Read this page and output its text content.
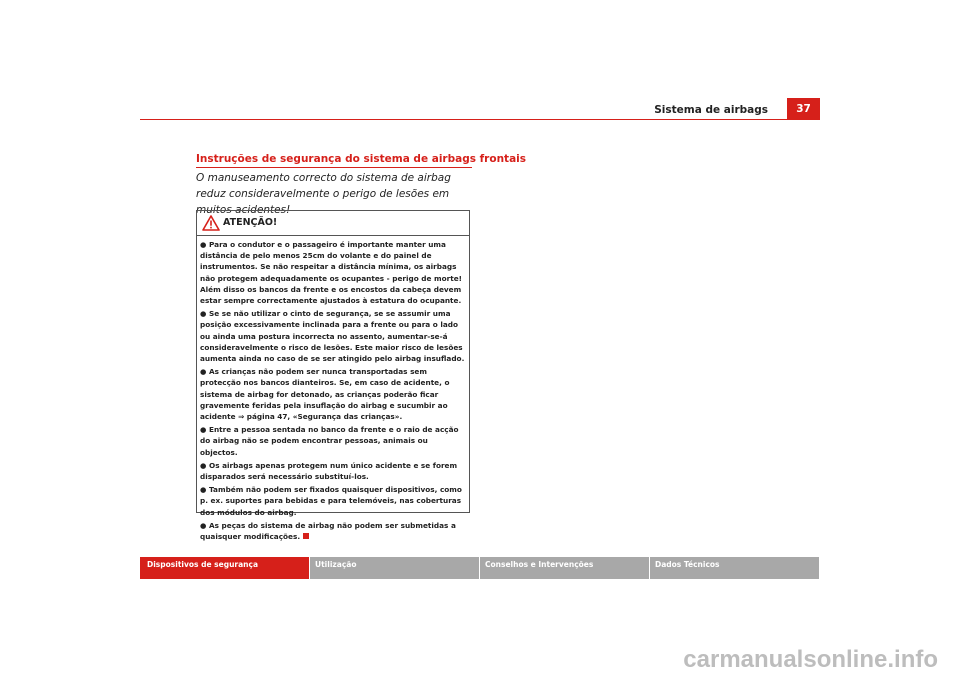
Sistema de airbags	37
Instruções de segurança do sistema de airbags frontais
O manuseamento correcto do sistema de airbag reduz consideravelmente o perigo de lesões em muitos acidentes!
ATENÇÃO!

● Para o condutor e o passageiro é importante manter uma distância de pelo menos 25cm do volante e do painel de instrumentos. Se não respeitar a distância mínima, os airbags não protegem adequadamente os ocupantes - perigo de morte! Além disso os bancos da frente e os encostos da cabeça devem estar sempre correctamente ajustados à estatura do ocupante.

● Se se não utilizar o cinto de segurança, se se assumir uma posição excessivamente inclinada para a frente ou para o lado ou ainda uma postura incorrecta no assento, aumentar-se-á consideravelmente o risco de lesões. Este maior risco de lesões aumenta ainda no caso de se ser atingido pelo airbag insuflado.

● As crianças não podem ser nunca transportadas sem protecção nos bancos dianteiros. Se, em caso de acidente, o sistema de airbag for detonado, as crianças poderão ficar gravemente feridas pela insuflação do airbag e sucumbir ao acidente ⇒ página 47, «Segurança das crianças».

● Entre a pessoa sentada no banco da frente e o raio de acção do airbag não se podem encontrar pessoas, animais ou objectos.

● Os airbags apenas protegem num único acidente e se forem disparados será necessário substituí-los.

● Também não podem ser fixados quaisquer dispositivos, como p. ex. suportes para bebidas e para telemóveis, nas coberturas dos módulos do airbag.

● As peças do sistema de airbag não podem ser submetidas a quaisquer modificações.

Dispositivos de segurança	Utilização	Conselhos e Intervenções	Dados Técnicos
carmanualsonline.info
